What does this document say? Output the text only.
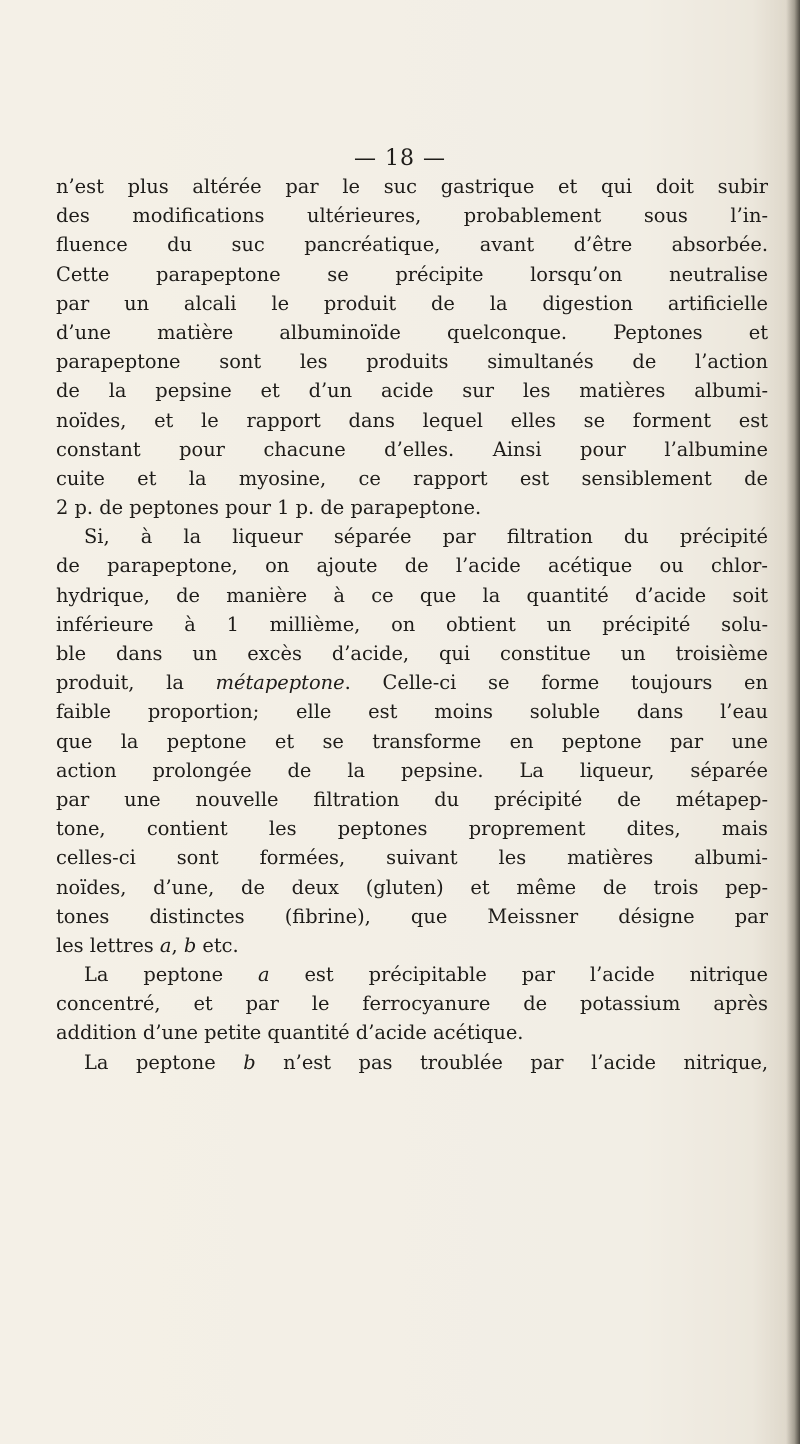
— 18 —
n’est plus altérée par le suc gastrique et qui doit subir
des modifications ultérieures, probablement sous l’in-
fluence du suc pancréatique, avant d’être absorbée.
Cette parapeptone se précipite lorsqu’on neutralise
par un alcali le produit de la digestion artificielle
d’une matière albuminoïde quelconque. Peptones et
parapeptone sont les produits simultanés de l’action
de la pepsine et d’un acide sur les matières albumi-
noïdes, et le rapport dans lequel elles se forment est
constant pour chacune d’elles. Ainsi pour l’albumine
cuite et la myosine, ce rapport est sensiblement de
2 p. de peptones pour 1 p. de parapeptone.
Si, à la liqueur séparée par filtration du précipité
de parapeptone, on ajoute de l’acide acétique ou chlor-
hydrique, de manière à ce que la quantité d’acide soit
inférieure à 1 millième, on obtient un précipité solu-
ble dans un excès d’acide, qui constitue un troisième
produit, la métapeptone. Celle-ci se forme toujours en
faible proportion; elle est moins soluble dans l’eau
que la peptone et se transforme en peptone par une
action prolongée de la pepsine. La liqueur, séparée
par une nouvelle filtration du précipité de métapep-
tone, contient les peptones proprement dites, mais
celles-ci sont formées, suivant les matières albumi-
noïdes, d’une, de deux (gluten) et même de trois pep-
tones distinctes (fibrine), que Meissner désigne par
les lettres a, b etc.
La peptone a est précipitable par l’acide nitrique
concentré, et par le ferrocyanure de potassium après
addition d’une petite quantité d’acide acétique.
La peptone b n’est pas troublée par l’acide nitrique,
